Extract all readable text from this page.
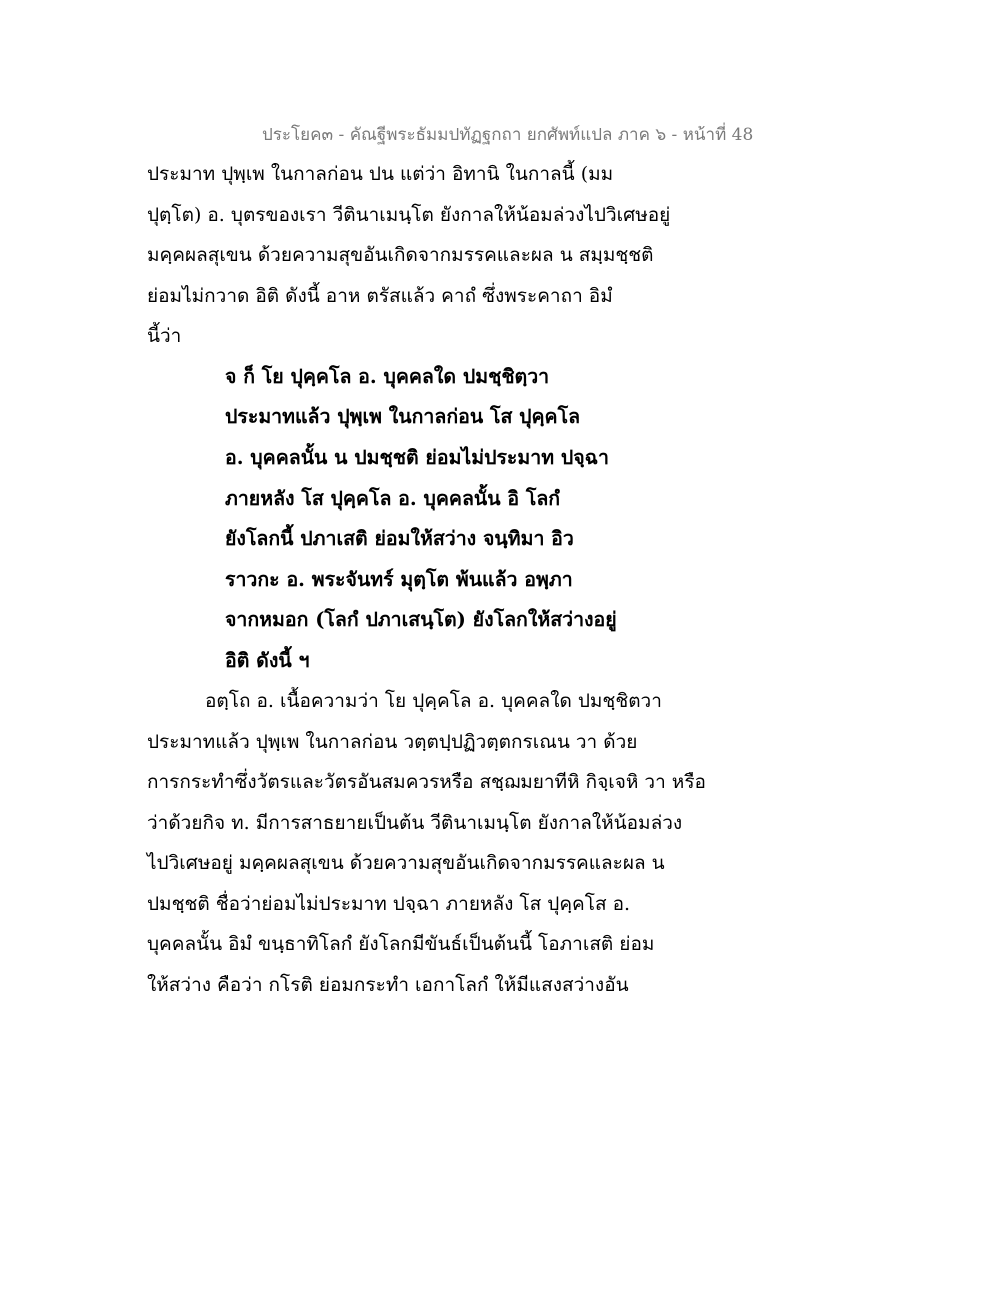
ประโยค๓ - คัณฐีพระธัมมปทัฏฐกถา ยกศัพท์แปล ภาค ๖ - หน้าที่ 48
ประมาท ปุพฺเพ ในกาลก่อน ปน แต่ว่า อิทานิ ในกาลนี้ (มม
ปุตฺโต) อ. บุตรของเรา วีตินาเมนฺโต ยังกาลให้น้อมล่วงไปวิเศษอยู่
มคฺคผลสุเขน ด้วยความสุขอันเกิดจากมรรคและผล น สมฺมชฺชติ
ย่อมไม่กวาด อิติ ดังนี้ อาห ตรัสแล้ว คาถํ ซึ่งพระคาถา อิมํ
นี้ว่า
จ ก็ โย ปุคฺคโล อ. บุคคลใด ปมชฺชิตฺวา
ประมาทแล้ว ปุพฺเพ ในกาลก่อน โส ปุคฺคโล
อ. บุคคลนั้น น ปมชฺชติ ย่อมไม่ประมาท ปจฺฉา
ภายหลัง โส ปุคฺคโล อ. บุคคลนั้น อิ โลกํ
ยังโลกนี้ ปภาเสติ ย่อมให้สว่าง จนฺทิมา อิว
ราวกะ อ. พระจันทร์ มุตฺโต พ้นแล้ว อพฺภา
จากหมอก (โลกํ ปภาเสนฺโต) ยังโลกให้สว่างอยู่
อิติ ดังนี้ ฯ
อตฺโถ อ. เนื้อความว่า โย ปุคฺคโล อ. บุคคลใด ปมชฺชิตวา
ประมาทแล้ว ปุพฺเพ ในกาลก่อน วตฺตปฺปฏิวตฺตกรเณน วา ด้วย
การกระทำซึ่งวัตรและวัตรอันสมควรหรือ สชฺฌมยาทีหิ กิจฺเจหิ วา หรือ
ว่าด้วยกิจ ท. มีการสาธยายเป็นต้น วีตินาเมนฺโต ยังกาลให้น้อมล่วง
ไปวิเศษอยู่ มคฺคผลสุเขน ด้วยความสุขอันเกิดจากมรรคและผล น
ปมชฺชติ ชื่อว่าย่อมไม่ประมาท ปจฺฉา ภายหลัง โส ปุคฺคโส อ.
บุคคลนั้น อิมํ ขนฺธาทิโลกํ ยังโลกมีขันธ์เป็นต้นนี้ โอภาเสติ ย่อม
ให้สว่าง คือว่า กโรติ ย่อมกระทำ เอกาโลกํ ให้มีแสงสว่างอัน
